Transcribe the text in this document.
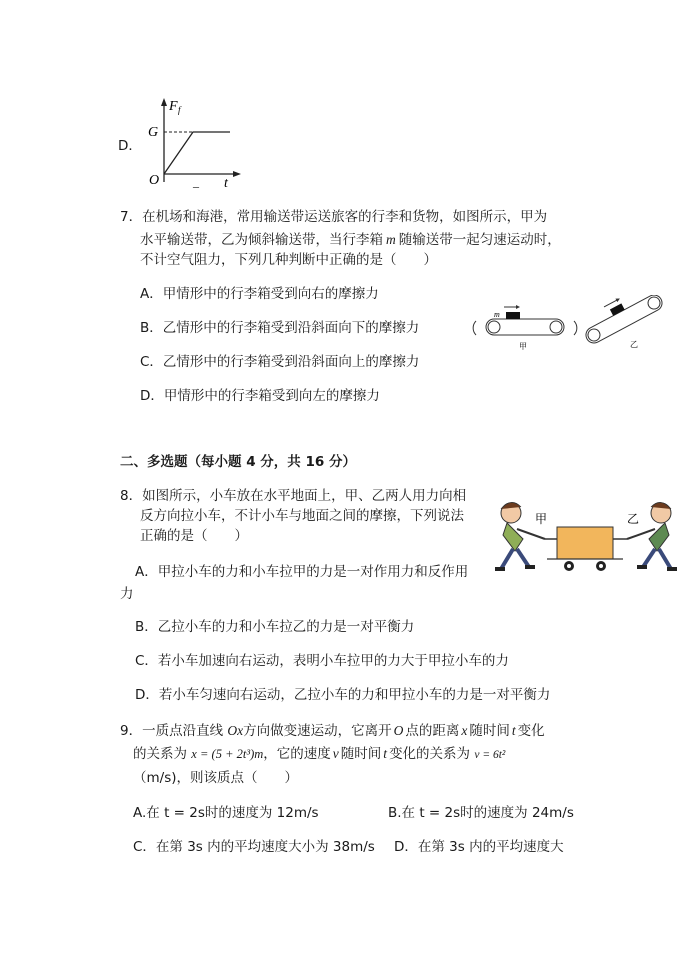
D．
F f
G
O	t
_
7．在机场和海港，常用输送带运送旅客的行李和货物，如图所示，甲为
水平输送带，乙为倾斜输送带，当行李箱 m 随输送带一起匀速运动时，
不计空气阻力，下列几种判断中正确的是（　　）
A．甲情形中的行李箱受到向右的摩擦力
B．乙情形中的行李箱受到沿斜面向下的摩擦力
C．乙情形中的行李箱受到沿斜面向上的摩擦力
D．甲情形中的行李箱受到向左的摩擦力
m
甲	乙
二、多选题（每小题 4 分，共 16 分）
8．如图所示，小车放在水平地面上，甲、乙两人用力向相
反方向拉小车，不计小车与地面之间的摩擦，下列说法
正确的是（　　）
A．甲拉小车的力和小车拉甲的力是一对作用力和反作用
力
B．乙拉小车的力和小车拉乙的力是一对平衡力
C．若小车加速向右运动，表明小车拉甲的力大于甲拉小车的力
D．若小车匀速向右运动，乙拉小车的力和甲拉小车的力是一对平衡力
甲	乙
9．一质点沿直线 Ox方向做变速运动，它离开 O 点的距离 x 随时间 t 变化
的关系为 x = (5 + 2t³)m，它的速度 v 随时间 t 变化的关系为 v = 6t²
（m/s)，则该质点（　　）
A.在 t = 2s时的速度为 12m/s	B.在 t = 2s时的速度为 24m/s
C．在第 3s 内的平均速度大小为 38m/s D．在第 3s 内的平均速度大
